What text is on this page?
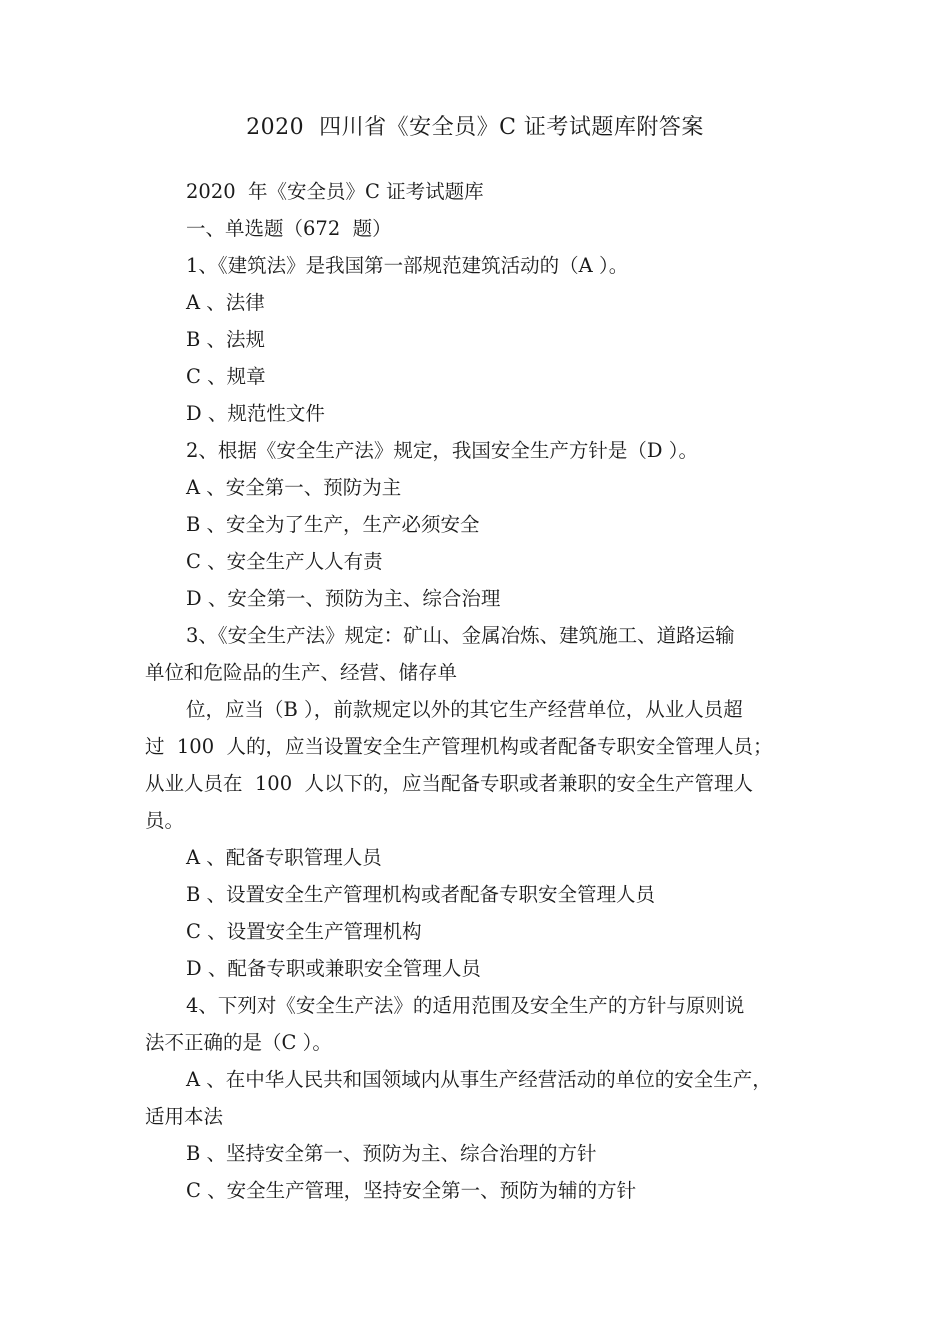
2020  四川省《安全员》C 证考试题库附答案

2020  年《安全员》C 证考试题库

一、单选题（672  题）

1、《建筑法》是我国第一部规范建筑活动的（A ）。

A 、法律

B 、法规

C 、规章

D 、规范性文件

2、根据《安全生产法》规定，我国安全生产方针是（D ）。

A 、安全第一、预防为主

B 、安全为了生产，生产必须安全

C 、安全生产人人有责

D 、安全第一、预防为主、综合治理

3、《安全生产法》规定：矿山、金属冶炼、建筑施工、道路运输

单位和危险品的生产、经营、储存单

位，应当（B ），前款规定以外的其它生产经营单位，从业人员超

过  100  人的，应当设置安全生产管理机构或者配备专职安全管理人员；

从业人员在  100  人以下的，应当配备专职或者兼职的安全生产管理人

员。

A 、配备专职管理人员

B 、设置安全生产管理机构或者配备专职安全管理人员

C 、设置安全生产管理机构

D 、配备专职或兼职安全管理人员

4、下列对《安全生产法》的适用范围及安全生产的方针与原则说

法不正确的是（C ）。

A 、在中华人民共和国领域内从事生产经营活动的单位的安全生产，

适用本法

B 、坚持安全第一、预防为主、综合治理的方针

C 、安全生产管理，坚持安全第一、预防为辅的方针
